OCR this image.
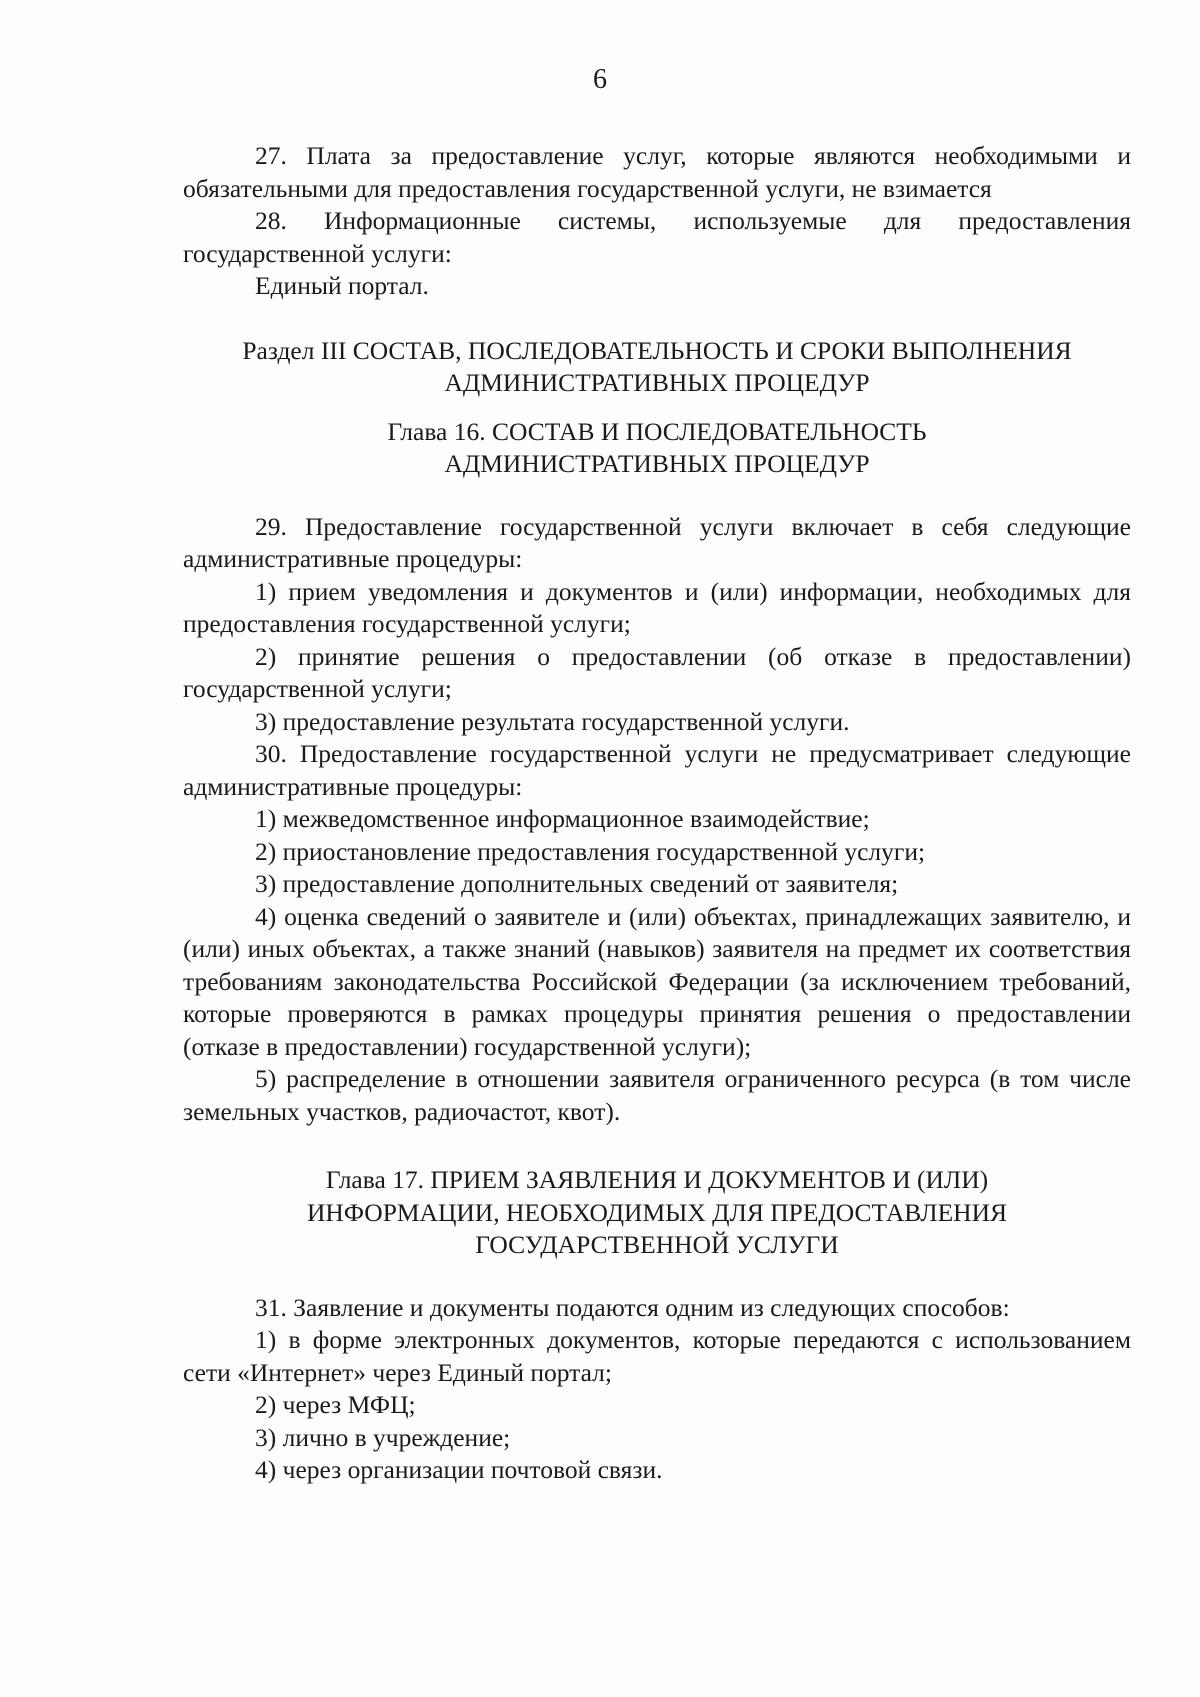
6

27. Плата за предоставление услуг, которые являются необходимыми и обязательными для предоставления государственной услуги, не взимается

28. Информационные системы, используемые для предоставления государственной услуги:

Единый портал.

Раздел III СОСТАВ, ПОСЛЕДОВАТЕЛЬНОСТЬ И СРОКИ ВЫПОЛНЕНИЯ
АДМИНИСТРАТИВНЫХ ПРОЦЕДУР
Глава 16. СОСТАВ И ПОСЛЕДОВАТЕЛЬНОСТЬ
АДМИНИСТРАТИВНЫХ ПРОЦЕДУР

29. Предоставление государственной услуги включает в себя следующие административные процедуры:

1) прием уведомления и документов и (или) информации, необходимых для предоставления государственной услуги;

2) принятие решения о предоставлении (об отказе в предоставлении) государственной услуги;

3) предоставление результата государственной услуги.

30. Предоставление государственной услуги не предусматривает следующие административные процедуры:

1) межведомственное информационное взаимодействие;

2) приостановление предоставления государственной услуги;

3) предоставление дополнительных сведений от заявителя;

4) оценка сведений о заявителе и (или) объектах, принадлежащих заявителю, и (или) иных объектах, а также знаний (навыков) заявителя на предмет их соответствия требованиям законодательства Российской Федерации (за исключением требований, которые проверяются в рамках процедуры принятия решения о предоставлении (отказе в предоставлении) государственной услуги);

5) распределение в отношении заявителя ограниченного ресурса (в том числе земельных участков, радиочастот, квот).

Глава 17. ПРИЕМ ЗАЯВЛЕНИЯ И ДОКУМЕНТОВ И (ИЛИ)
ИНФОРМАЦИИ, НЕОБХОДИМЫХ ДЛЯ ПРЕДОСТАВЛЕНИЯ
ГОСУДАРСТВЕННОЙ УСЛУГИ

31. Заявление и документы подаются одним из следующих способов:

1) в форме электронных документов, которые передаются с использованием сети «Интернет» через Единый портал;

2) через МФЦ;

3) лично в учреждение;

4) через организации почтовой связи.
